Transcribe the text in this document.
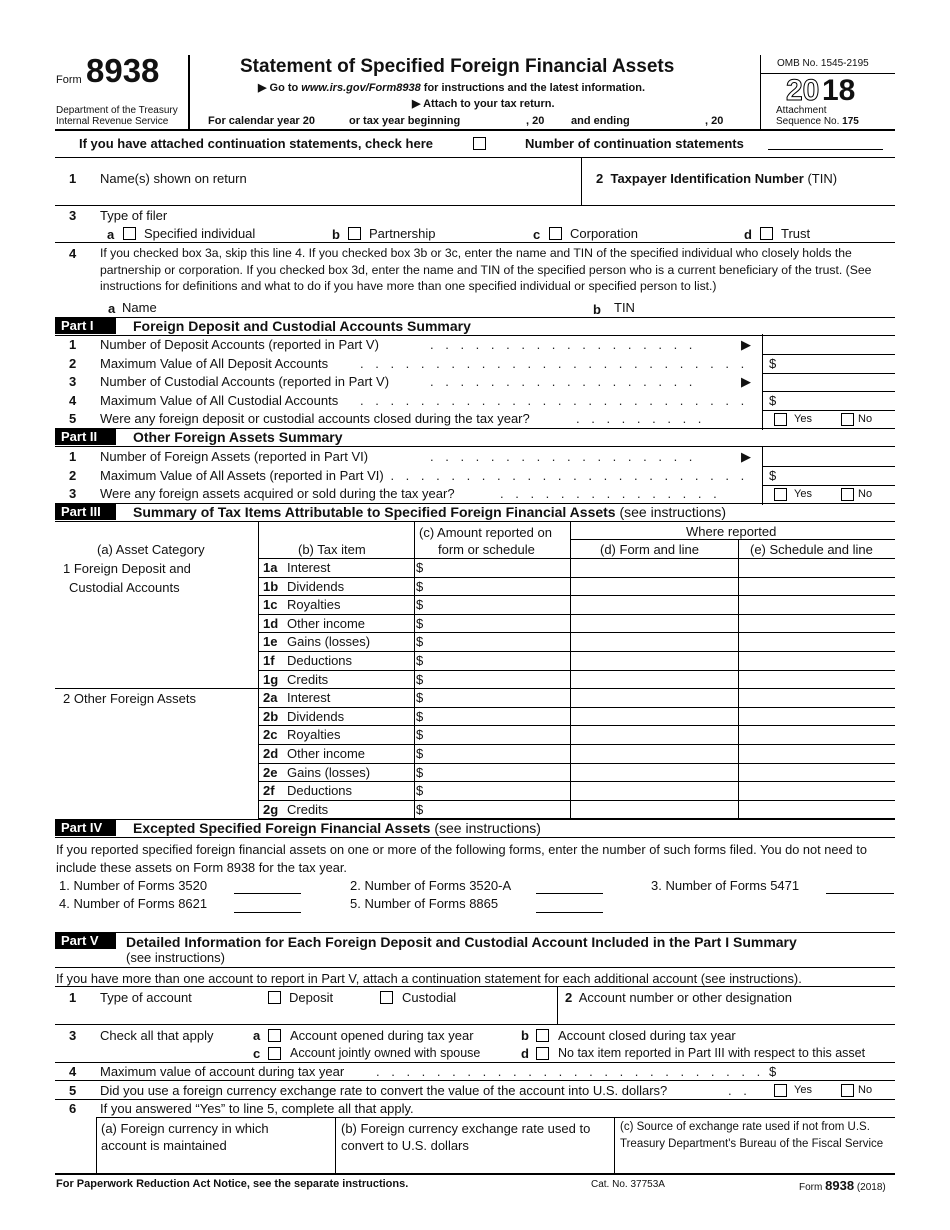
Form 8938
Department of the Treasury
Internal Revenue Service
Statement of Specified Foreign Financial Assets
▶ Go to www.irs.gov/Form8938 for instructions and the latest information.
▶ Attach to your tax return.
For calendar year 20	or tax year beginning	, 20 and ending	, 20
OMB No. 1545-2195
20 18
Attachment
Sequence No. 175
If you have attached continuation statements, check here	Number of continuation statements
1 Name(s) shown on return	2 Taxpayer Identification Number (TIN)
3 Type of filer
a Specified individual	b Partnership	c Corporation	d Trust
4 If you checked box 3a, skip this line 4. If you checked box 3b or 3c, enter the name and TIN of the specified individual who closely holds the partnership or corporation. If you checked box 3d, enter the name and TIN of the specified person who is a current beneficiary of the trust. (See instructions for definitions and what to do if you have more than one specified individual or specified person to list.)
a Name	b TIN
Part I	Foreign Deposit and Custodial Accounts Summary
1 Number of Deposit Accounts (reported in Part V)	. . . . . . . . . . . . . . . . . .	▶
2 Maximum Value of All Deposit Accounts . . . . . . . . . . . . . . . . . . . . . . . . . . $
3 Number of Custodial Accounts (reported in Part V)	. . . . . . . . . . . . . . . . . .	▶
4 Maximum Value of All Custodial Accounts . . . . . . . . . . . . . . . . . . . . . . . . . . $
5 Were any foreign deposit or custodial accounts closed during the tax year?	. . . . . . . . .	Yes	No
Part II	Other Foreign Assets Summary
1 Number of Foreign Assets (reported in Part VI)	. . . . . . . . . . . . . . . . . .	▶
2 Maximum Value of All Assets (reported in Part VI)
. . . . . . . . . . . . . . . . . . . . . . . . . . $
3 Were any foreign assets acquired or sold during the tax year?	. . . . . . . . . . . . . . .	Yes	No
Part III	Summary of Tax Items Attributable to Specified Foreign Financial Assets (see instructions)
(a) Asset Category	(b) Tax item
(c) Amount reported on
form or schedule
Where reported
(d) Form and line	(e) Schedule and line
1 Foreign Deposit and
Custodial Accounts
2 Other Foreign Assets
1a Interest	$
1b Dividends	$
1c Royalties	$
1d Other income	$
1e Gains (losses)	$
1f Deductions	$
1g Credits	$
2a Interest	$
2b Dividends	$
2c Royalties	$
2d Other income	$
2e Gains (losses)	$
2f Deductions	$
2g Credits	$
Part IV	Excepted Specified Foreign Financial Assets (see instructions)
If you reported specified foreign financial assets on one or more of the following forms, enter the number of such forms filed. You do not need to include these assets on Form 8938 for the tax year.
1. Number of Forms 3520	2. Number of Forms 3520-A	3. Number of Forms 5471
4. Number of Forms 8621	5. Number of Forms 8865
Part V	Detailed Information for Each Foreign Deposit and Custodial Account Included in the Part I Summary
(see instructions)
If you have more than one account to report in Part V, attach a continuation statement for each additional account (see instructions).
1 Type of account	Deposit	Custodial	2 Account number or other designation
3 Check all that apply	a Account opened during tax year	b Account closed during tax year
c Account jointly owned with spouse	d No tax item reported in Part III with respect to this asset
4 Maximum value of account during tax year . . . . . . . . . . . . . . . . . . . . . . . . . . $
5 Did you use a foreign currency exchange rate to convert the value of the account into U.S. dollars?	. .	Yes	No
6 If you answered “Yes” to line 5, complete all that apply.
(a) Foreign currency in which
account is maintained
(b) Foreign currency exchange rate used to
convert to U.S. dollars
(c) Source of exchange rate used if not from U.S.
Treasury Department's Bureau of the Fiscal Service
For Paperwork Reduction Act Notice, see the separate instructions.	Cat. No. 37753A	Form 8938 (2018)
